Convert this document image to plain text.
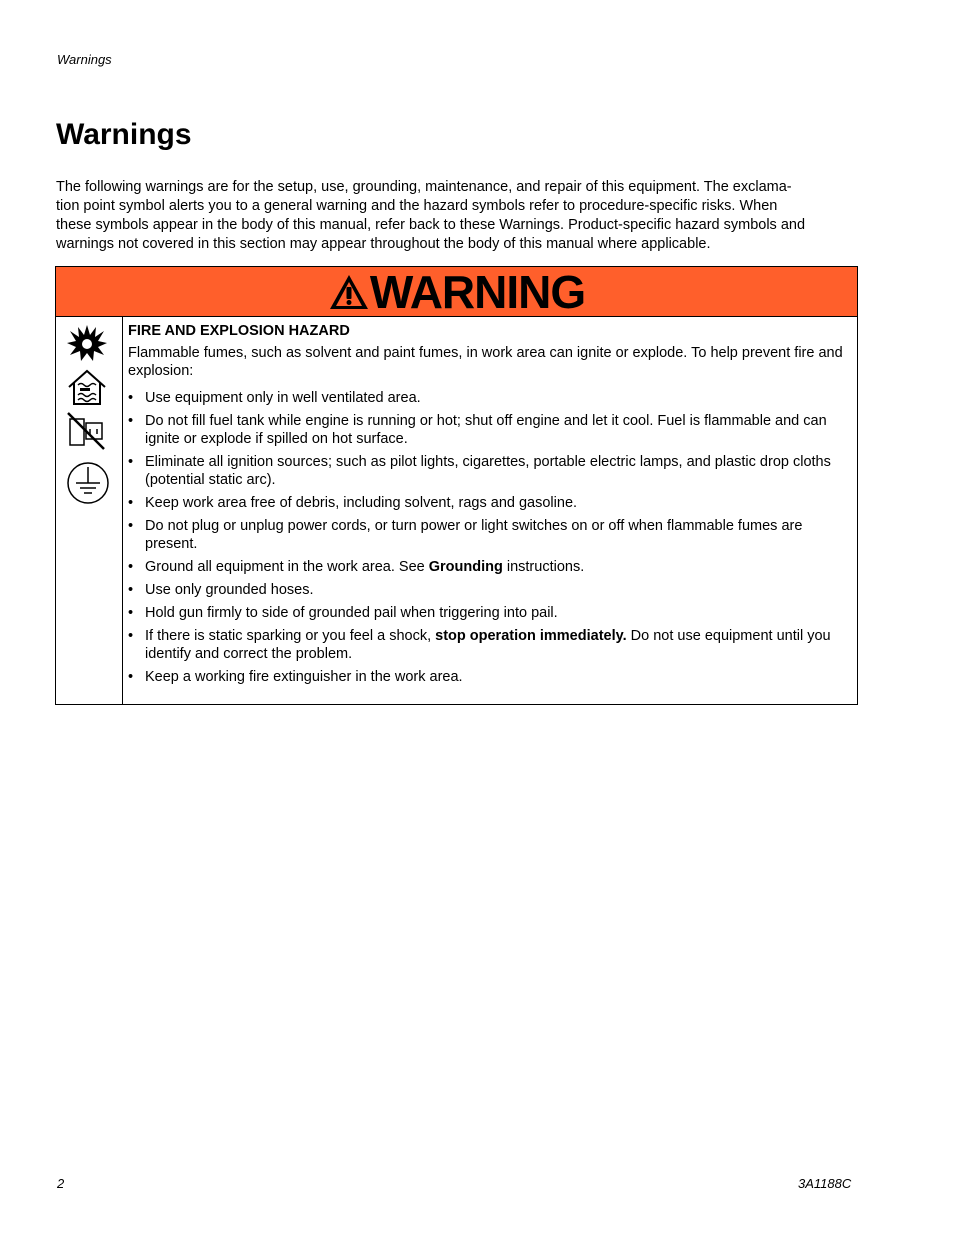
Warnings
Warnings

The following warnings are for the setup, use, grounding, maintenance, and repair of this equipment. The exclama-
tion point symbol alerts you to a general warning and the hazard symbols refer to procedure-specific risks. When
these symbols appear in the body of this manual, refer back to these Warnings. Product-specific hazard symbols and
warnings not covered in this section may appear throughout the body of this manual where applicable.

WARNING

FIRE AND EXPLOSION HAZARD

Flammable fumes, such as solvent and paint fumes, in work area can ignite or explode. To help prevent fire and explosion:

• Use equipment only in well ventilated area.
• Do not fill fuel tank while engine is running or hot; shut off engine and let it cool. Fuel is flammable and can ignite or explode if spilled on hot surface.
• Eliminate all ignition sources; such as pilot lights, cigarettes, portable electric lamps, and plastic drop cloths (potential static arc).
• Keep work area free of debris, including solvent, rags and gasoline.
• Do not plug or unplug power cords, or turn power or light switches on or off when flammable fumes are present.
• Ground all equipment in the work area. See Grounding instructions.
• Use only grounded hoses.
• Hold gun firmly to side of grounded pail when triggering into pail.
• If there is static sparking or you feel a shock, stop operation immediately. Do not use equipment until you identify and correct the problem.
• Keep a working fire extinguisher in the work area.
2	3A1188C
